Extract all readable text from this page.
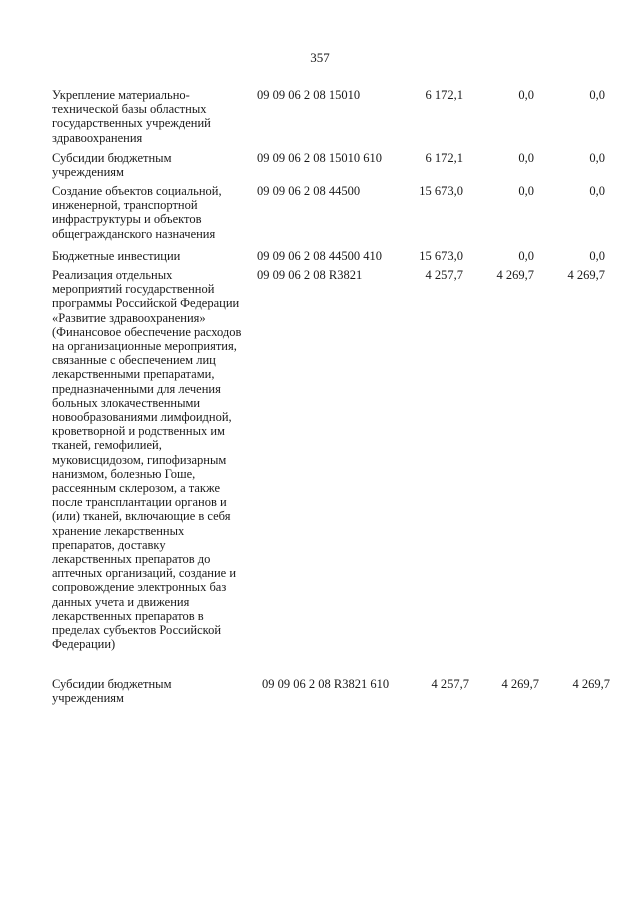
357
Укрепление материально-
технической базы областных
государственных учреждений
здравоохранения
09 09 06 2 08 15010	6 172,1	0,0	0,0
Субсидии бюджетным
учреждениям
09 09 06 2 08 15010 610	6 172,1	0,0	0,0
Создание объектов социальной,
инженерной, транспортной
инфраструктуры и объектов
общегражданского назначения
09 09 06 2 08 44500	15 673,0	0,0	0,0
Бюджетные инвестиции	09 09 06 2 08 44500 410	15 673,0	0,0	0,0
Реализация отдельных
мероприятий государственной
программы Российской Федерации
«Развитие здравоохранения»
(Финансовое обеспечение расходов
на организационные мероприятия,
связанные с обеспечением лиц
лекарственными препаратами,
предназначенными для лечения
больных злокачественными
новообразованиями лимфоидной,
кроветворной и родственных им
тканей, гемофилией,
муковисцидозом, гипофизарным
нанизмом, болезнью Гоше,
рассеянным склерозом, а также
после трансплантации органов и
(или) тканей, включающие в себя
хранение лекарственных
препаратов, доставку
лекарственных препаратов до
аптечных организаций, создание и
сопровождение электронных баз
данных учета и движения
лекарственных препаратов в
пределах субъектов Российской
Федерации)
09 09 06 2 08 R3821	4 257,7	4 269,7	4 269,7
Субсидии бюджетным
учреждениям
09 09 06 2 08 R3821 610	4 257,7	4 269,7	4 269,7
